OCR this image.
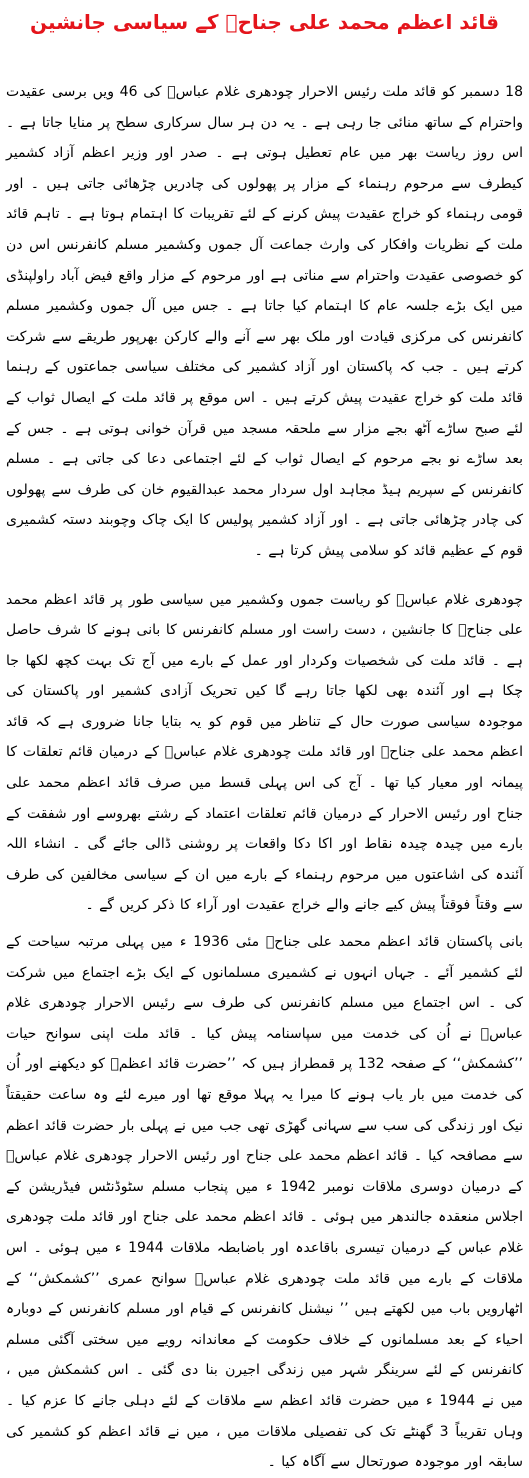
قائد اعظم محمد علی جناحؒ کے سیاسی جانشین

18 دسمبر کو قائد ملت رئیس الاحرار چودھری غلام عباسؒ کی 46 ویں برسی عقیدت واحترام کے ساتھ منائی جا رہی ہے ۔ یہ دن ہر سال سرکاری سطح پر منایا جاتا ہے ۔ اس روز ریاست بھر میں عام تعطیل ہوتی ہے ۔ صدر اور وزیر اعظم آزاد کشمیر کیطرف سے مرحوم رہنماء کے مزار پر پھولوں کی چادریں چڑھائی جاتی ہیں ۔ اور قومی رہنماء کو خراج عقیدت پیش کرنے کے لئے تقریبات کا اہتمام ہوتا ہے ۔ تاہم قائد ملت کے نظریات وافکار کی وارث جماعت آل جموں وکشمیر مسلم کانفرنس اس دن کو خصوصی عقیدت واحترام سے مناتی ہے اور مرحوم کے مزار واقع فیض آباد راولپنڈی میں ایک بڑے جلسہ عام کا اہتمام کیا جاتا ہے ۔ جس میں آل جموں وکشمیر مسلم کانفرنس کی مرکزی قیادت اور ملک بھر سے آنے والے کارکن بھرپور طریقے سے شرکت کرتے ہیں ۔ جب کہ پاکستان اور آزاد کشمیر کی مختلف سیاسی جماعتوں کے رہنما قائد ملت کو خراج عقیدت پیش کرتے ہیں ۔ اس موقع پر قائد ملت کے ایصال ثواب کے لئے صبح ساڑے آٹھ بجے مزار سے ملحقہ مسجد میں قرآن خوانی ہوتی ہے ۔ جس کے بعد ساڑے نو بجے مرحوم کے ایصال ثواب کے لئے اجتماعی دعا کی جاتی ہے ۔ مسلم کانفرنس کے سپریم ہیڈ مجاہد اول سردار محمد عبدالقیوم خان کی طرف سے پھولوں کی چادر چڑھائی جاتی ہے ۔ اور آزاد کشمیر پولیس کا ایک چاک وچوبند دستہ کشمیری قوم کے عظیم قائد کو سلامی پیش کرتا ہے ۔

چودھری غلام عباسؒ کو ریاست جموں وکشمیر میں سیاسی طور پر قائد اعظم محمد علی جناحؒ کا جانشین ، دست راست اور مسلم کانفرنس کا بانی ہونے کا شرف حاصل ہے ۔ قائد ملت کی شخصیات وکردار اور عمل کے بارے میں آج تک بہت کچھ لکھا جا چکا ہے اور آئندہ بھی لکھا جاتا رہے گا کیں تحریک آزادی کشمیر اور پاکستان کی موجودہ سیاسی صورت حال کے تناظر میں قوم کو یہ بتایا جانا ضروری ہے کہ قائد اعظم محمد علی جناحؒ اور قائد ملت چودھری غلام عباسؒ کے درمیان قائم تعلقات کا پیمانہ اور معیار کیا تھا ۔ آج کی اس پہلی قسط میں صرف قائد اعظم محمد علی جناح اور رئیس الاحرار کے درمیان قائم تعلقات اعتماد کے رشتے بھروسے اور شفقت کے بارے میں چیدہ چیدہ نقاط اور اکا دکا واقعات پر روشنی ڈالی جائے گی ۔ انشاء اللہ آئندہ کی اشاعتوں میں مرحوم رہنماء کے بارے میں ان کے سیاسی مخالفین کی طرف سے وقتاً فوقتاً پیش کیے جانے والے خراج عقیدت اور آراء کا ذکر کریں گے ۔

بانی پاکستان قائد اعظم محمد علی جناحؒ مئی 1936 ء میں پہلی مرتبہ سیاحت کے لئے کشمیر آئے ۔ جہاں انہوں نے کشمیری مسلمانوں کے ایک بڑے اجتماع میں شرکت کی ۔ اس اجتماع میں مسلم کانفرنس کی طرف سے رئیس الاحرار چودھری غلام عباسؒ نے اُن کی خدمت میں سپاسنامہ پیش کیا ۔ قائد ملت اپنی سوانح حیات ’’کشمکش‘‘ کے صفحہ 132 پر قمطراز ہیں کہ ’’حضرت قائد اعظمؒ کو دیکھنے اور اُن کی خدمت میں بار یاب ہونے کا میرا یہ پہلا موقع تھا اور میرے لئے وہ ساعت حقیقتاً نیک اور زندگی کی سب سے سہانی گھڑی تھی جب میں نے پہلی بار حضرت قائد اعظم سے مصافحہ کیا ۔ قائد اعظم محمد علی جناح اور رئیس الاحرار چودھری غلام عباسؒ کے درمیان دوسری ملاقات نومبر 1942 ء میں پنجاب مسلم سٹوڈنٹس فیڈریشن کے اجلاس منعقدہ جالندھر میں ہوئی ۔ قائد اعظم محمد علی جناح اور قائد ملت چودھری غلام عباس کے درمیان تیسری باقاعدہ اور باضابطہ ملاقات 1944 ء میں ہوئی ۔ اس ملاقات کے بارے میں قائد ملت چودھری غلام عباسؒ سوانح عمری ’’کشمکش‘‘ کے اٹھارویں باب میں لکھتے ہیں ’’ نیشنل کانفرنس کے قیام اور مسلم کانفرنس کے دوبارہ احیاء کے بعد مسلمانوں کے خلاف حکومت کے معاندانہ رویے میں سختی آگئی مسلم کانفرنس کے لئے سرینگر شہر میں زندگی اجیرن بنا دی گئی ۔ اس کشمکش میں ، میں نے 1944 ء میں حضرت قائد اعظم سے ملاقات کے لئے دہلی جانے کا عزم کیا ۔ وہاں تقریباً 3 گھنٹے تک کی تفصیلی ملاقات میں ، میں نے قائد اعظم کو کشمیر کی سابقہ اور موجودہ صورتحال سے آگاہ کیا ۔
